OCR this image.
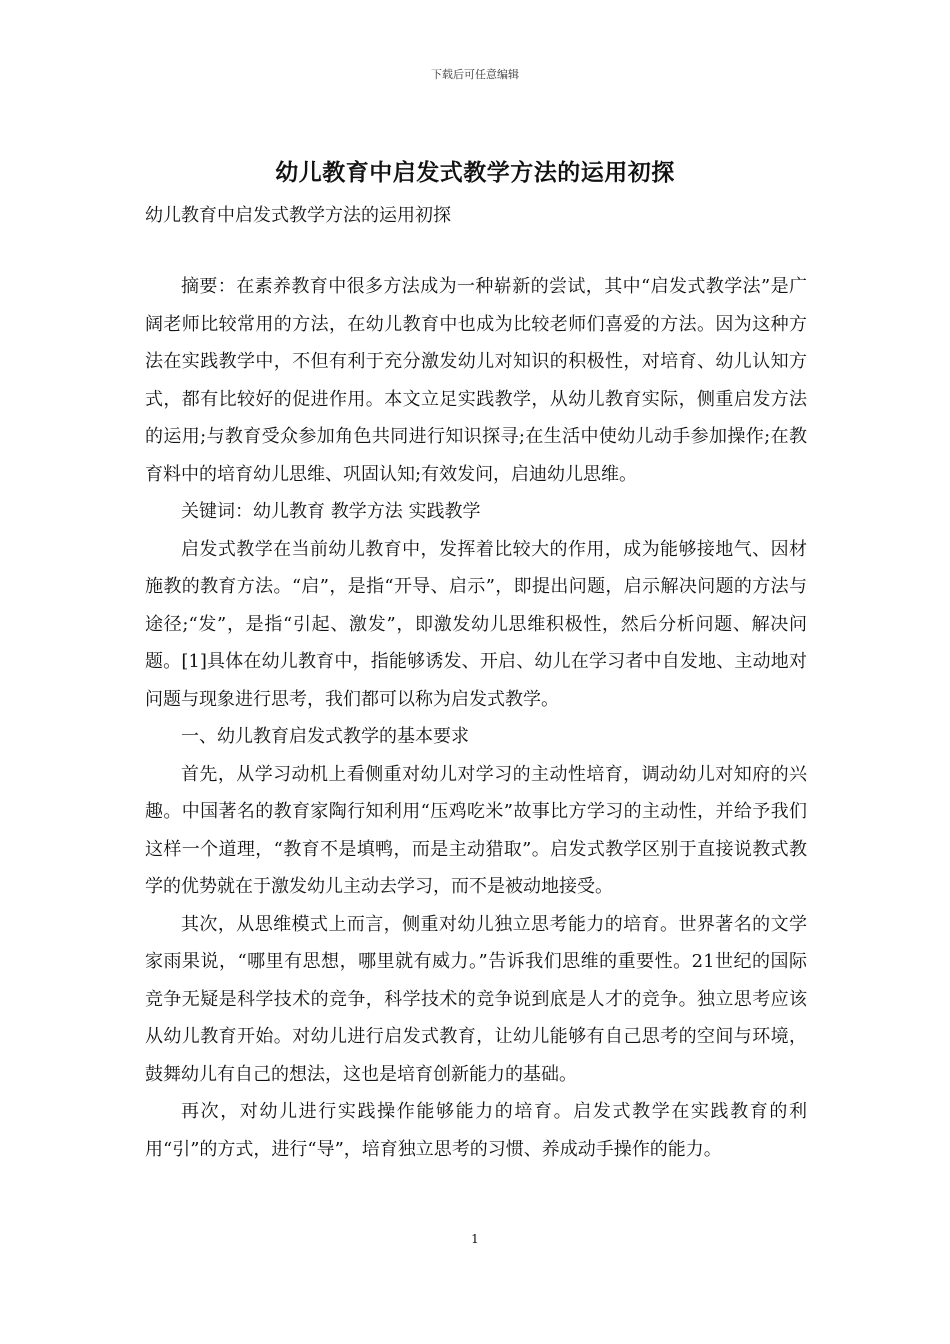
下载后可任意编辑
幼儿教育中启发式教学方法的运用初探
幼儿教育中启发式教学方法的运用初探

摘要：在素养教育中很多方法成为一种崭新的尝试，其中“启发式教学法”是广阔老师比较常用的方法，在幼儿教育中也成为比较老师们喜爱的方法。因为这种方法在实践教学中，不但有利于充分激发幼儿对知识的积极性，对培育、幼儿认知方式，都有比较好的促进作用。本文立足实践教学，从幼儿教育实际，侧重启发方法的运用;与教育受众参加角色共同进行知识探寻;在生活中使幼儿动手参加操作;在教育料中的培育幼儿思维、巩固认知;有效发问，启迪幼儿思维。

关键词：幼儿教育 教学方法 实践教学

启发式教学在当前幼儿教育中，发挥着比较大的作用，成为能够接地气、因材施教的教育方法。“启”，是指“开导、启示”，即提出问题，启示解决问题的方法与途径;“发”，是指“引起、激发”，即激发幼儿思维积极性，然后分析问题、解决问题。[1]具体在幼儿教育中，指能够诱发、开启、幼儿在学习者中自发地、主动地对问题与现象进行思考，我们都可以称为启发式教学。

一、幼儿教育启发式教学的基本要求

首先，从学习动机上看侧重对幼儿对学习的主动性培育，调动幼儿对知府的兴趣。中国著名的教育家陶行知利用“压鸡吃米”故事比方学习的主动性，并给予我们这样一个道理，“教育不是填鸭，而是主动猎取”。启发式教学区别于直接说教式教学的优势就在于激发幼儿主动去学习，而不是被动地接受。

其次，从思维模式上而言，侧重对幼儿独立思考能力的培育。世界著名的文学家雨果说，“哪里有思想，哪里就有威力。”告诉我们思维的重要性。21世纪的国际竞争无疑是科学技术的竞争，科学技术的竞争说到底是人才的竞争。独立思考应该从幼儿教育开始。对幼儿进行启发式教育，让幼儿能够有自己思考的空间与环境，鼓舞幼儿有自己的想法，这也是培育创新能力的基础。

再次，对幼儿进行实践操作能够能力的培育。启发式教学在实践教育的利用“引”的方式，进行“导”，培育独立思考的习惯、养成动手操作的能力。

1
